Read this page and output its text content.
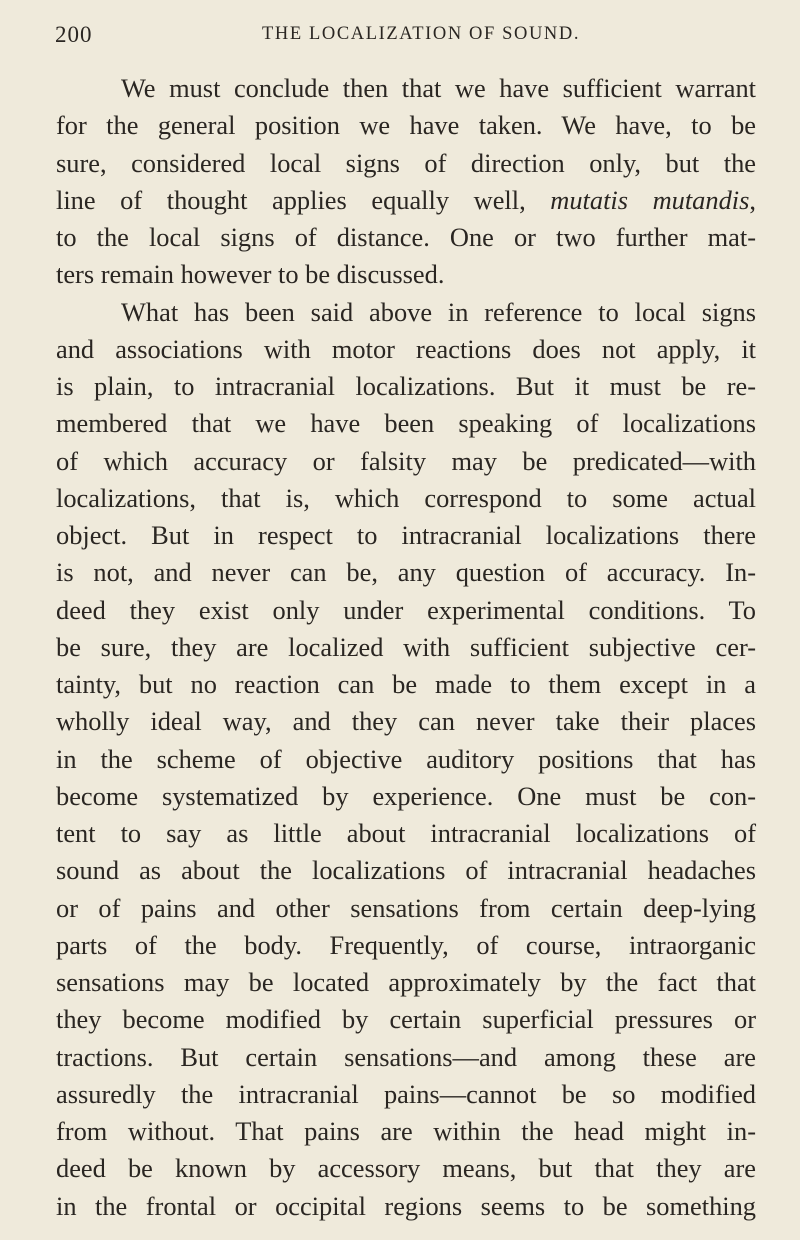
200	THE LOCALIZATION OF SOUND.
We must conclude then that we have sufficient warrant
for the general position we have taken. We have, to be
sure, considered local signs of direction only, but the
line of thought applies equally well, mutatis mutandis,
to the local signs of distance. One or two further mat-
ters remain however to be discussed.
What has been said above in reference to local signs
and associations with motor reactions does not apply, it
is plain, to intracranial localizations. But it must be re-
membered that we have been speaking of localizations
of which accuracy or falsity may be predicated—with
localizations, that is, which correspond to some actual
object. But in respect to intracranial localizations there
is not, and never can be, any question of accuracy. In-
deed they exist only under experimental conditions. To
be sure, they are localized with sufficient subjective cer-
tainty, but no reaction can be made to them except in a
wholly ideal way, and they can never take their places
in the scheme of objective auditory positions that has
become systematized by experience. One must be con-
tent to say as little about intracranial localizations of
sound as about the localizations of intracranial headaches
or of pains and other sensations from certain deep-lying
parts of the body. Frequently, of course, intraorganic
sensations may be located approximately by the fact that
they become modified by certain superficial pressures or
tractions. But certain sensations—and among these are
assuredly the intracranial pains—cannot be so modified
from without. That pains are within the head might in-
deed be known by accessory means, but that they are
in the frontal or occipital regions seems to be something
